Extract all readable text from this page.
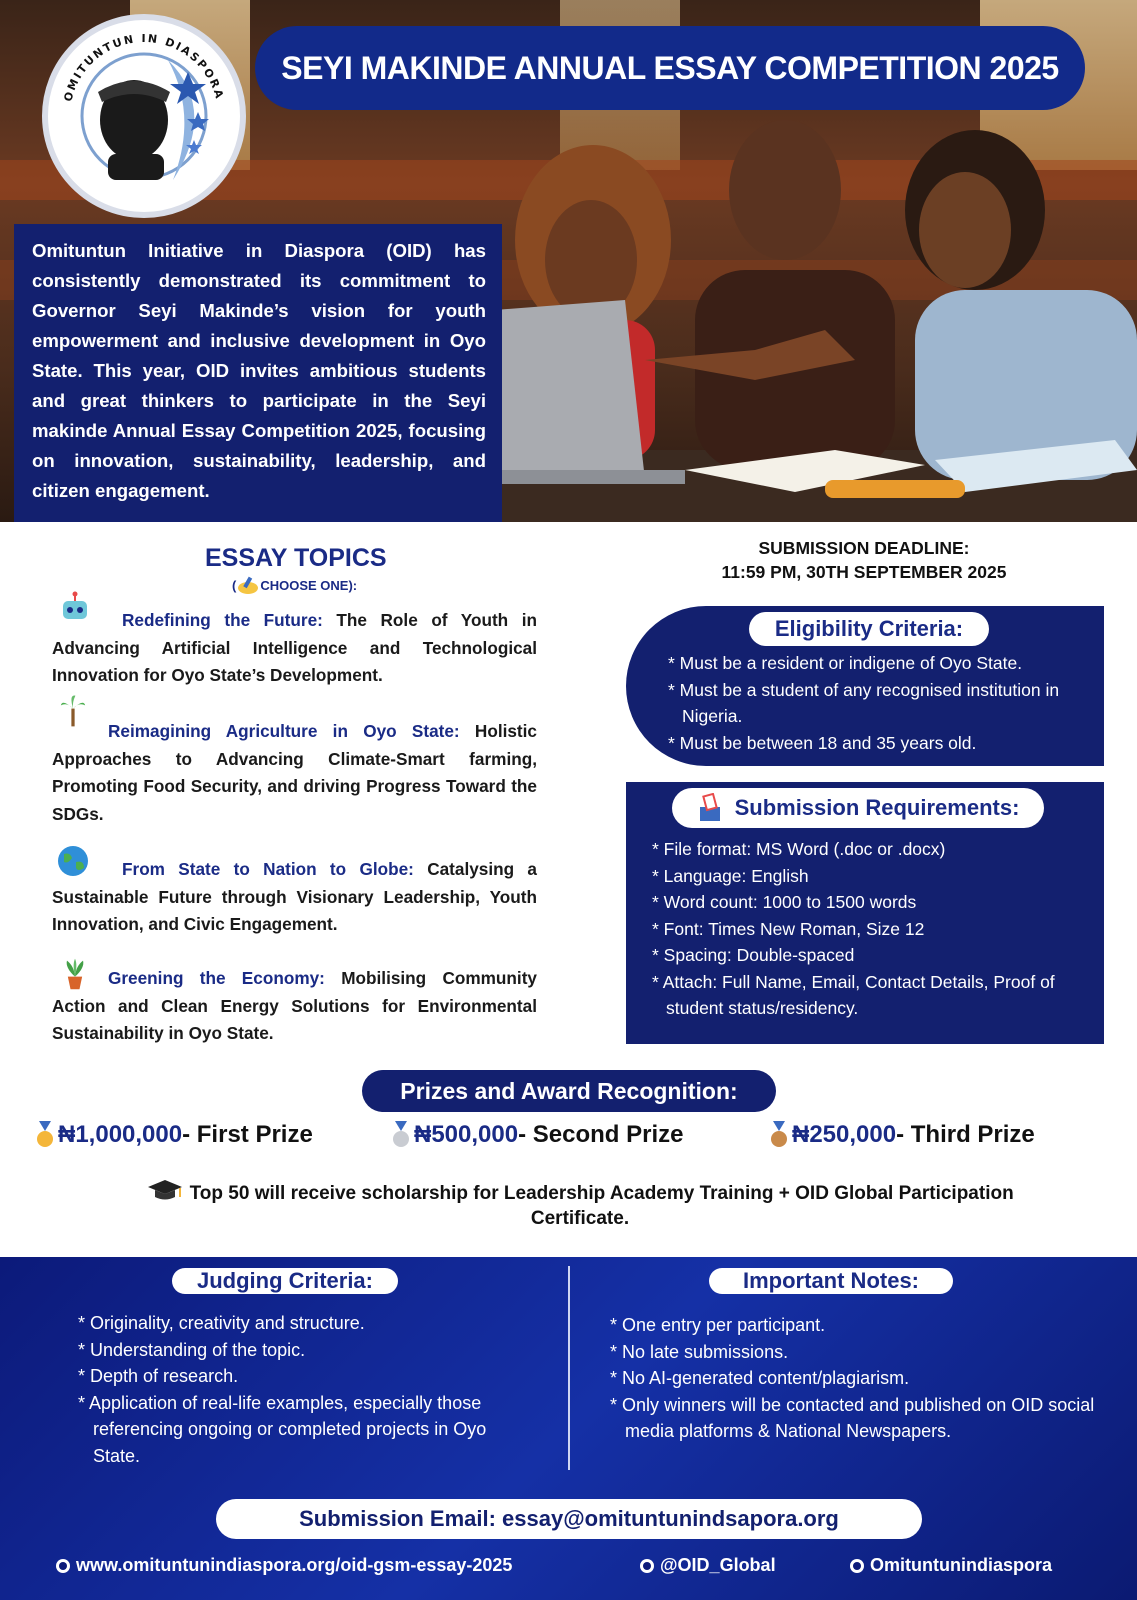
SEYI MAKINDE ANNUAL ESSAY COMPETITION 2025
OMITUNTUN IN DIASPORA

Omituntun Initiative in Diaspora (OID) has consistently demonstrated its commitment to Governor Seyi Makinde’s vision for youth empowerment and inclusive development in Oyo State. This year, OID invites ambitious students and great thinkers to participate in the Seyi makinde Annual Essay Competition 2025, focusing on innovation, sustainability, leadership, and citizen engagement.

ESSAY TOPICS
( CHOOSE ONE):
Redefining the Future: The Role of Youth in Advancing Artificial Intelligence and Technological Innovation for Oyo State’s Development.
Reimagining Agriculture in Oyo State: Holistic Approaches to Advancing Climate-Smart farming, Promoting Food Security, and driving Progress Toward the SDGs.
From State to Nation to Globe: Catalysing a Sustainable Future through Visionary Leadership, Youth Innovation, and Civic Engagement.
Greening the Economy: Mobilising Community Action and Clean Energy Solutions for Environmental Sustainability in Oyo State.
SUBMISSION DEADLINE:
11:59 PM, 30TH SEPTEMBER 2025
Eligibility Criteria:
* Must be a resident or indigene of Oyo State.
* Must be a student of any recognised institution in Nigeria.
* Must be between 18 and 35 years old.
Submission Requirements:
* File format: MS Word (.doc or .docx)
* Language: English
* Word count: 1000 to 1500 words
* Font: Times New Roman, Size 12
* Spacing: Double-spaced
* Attach: Full Name, Email, Contact Details, Proof of student status/residency.
Prizes and Award Recognition:
₦1,000,000 - First Prize	₦500,000 - Second Prize	₦250,000 - Third Prize
Top 50 will receive scholarship for Leadership Academy Training + OID Global Participation Certificate.
Judging Criteria:
* Originality, creativity and structure.
* Understanding of the topic.
* Depth of research.
* Application of real-life examples, especially those referencing ongoing or completed projects in Oyo State.
Important Notes:
* One entry per participant.
* No late submissions.
* No AI-generated content/plagiarism.
* Only winners will be contacted and published on OID social media platforms & National Newspapers.
Submission Email: essay@omituntunindsapora.org
www.omituntunindiaspora.org/oid-gsm-essay-2025	@OID_Global	Omituntunindiaspora
